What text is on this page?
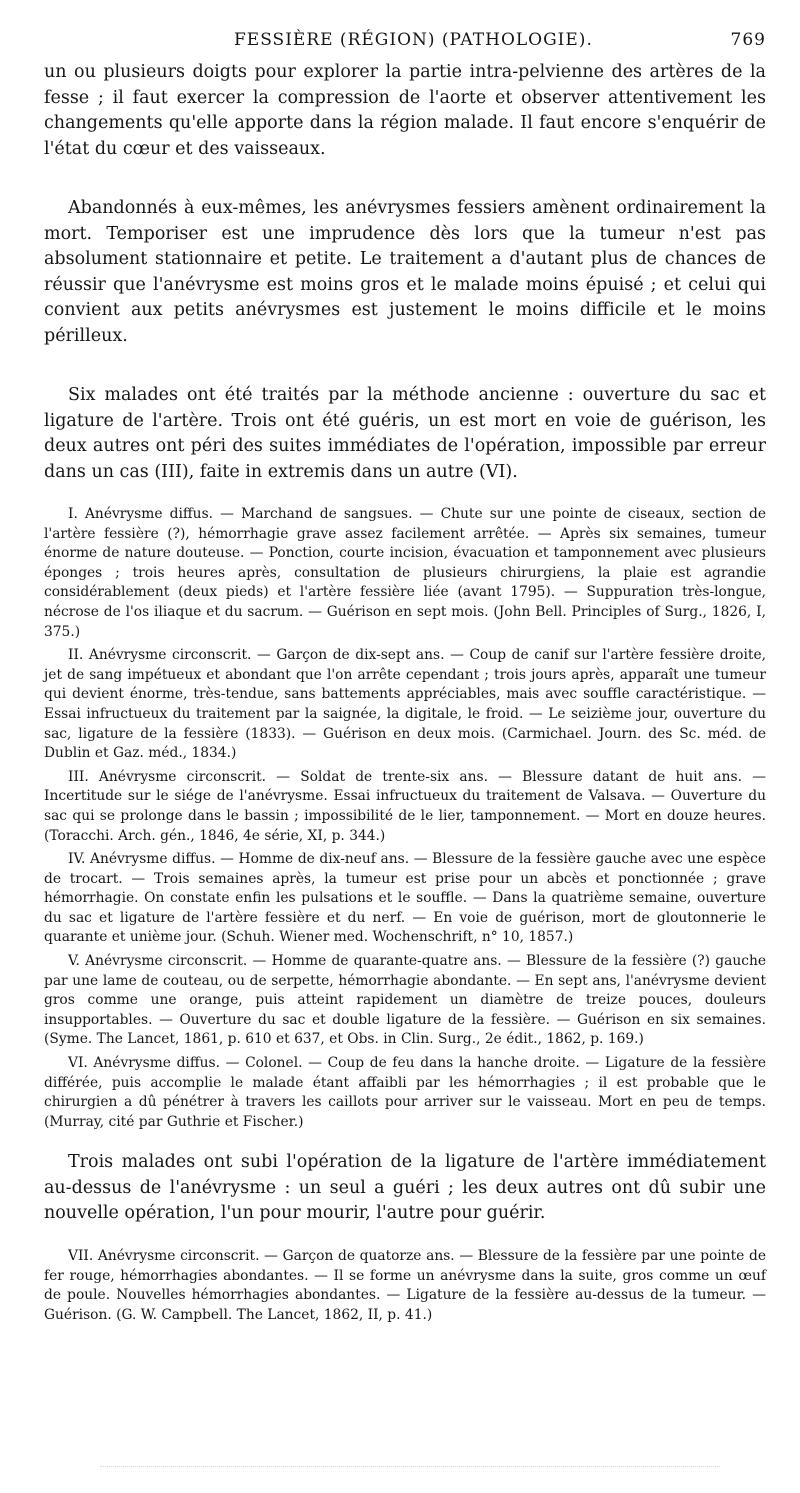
FESSIÈRE (RÉGION) (PATHOLOGIE).	769

un ou plusieurs doigts pour explorer la partie intra-pelvienne des artères de la fesse ; il faut exercer la compression de l'aorte et observer attentivement les changements qu'elle apporte dans la région malade. Il faut encore s'enquérir de l'état du cœur et des vaisseaux.

Abandonnés à eux-mêmes, les anévrysmes fessiers amènent ordinairement la mort. Temporiser est une imprudence dès lors que la tumeur n'est pas absolument stationnaire et petite. Le traitement a d'autant plus de chances de réussir que l'anévrysme est moins gros et le malade moins épuisé ; et celui qui convient aux petits anévrysmes est justement le moins difficile et le moins périlleux.

Six malades ont été traités par la méthode ancienne : ouverture du sac et ligature de l'artère. Trois ont été guéris, un est mort en voie de guérison, les deux autres ont péri des suites immédiates de l'opération, impossible par erreur dans un cas (III), faite in extremis dans un autre (VI).

I. Anévrysme diffus. — Marchand de sangsues. — Chute sur une pointe de ciseaux, section de l'artère fessière (?), hémorrhagie grave assez facilement arrêtée. — Après six semaines, tumeur énorme de nature douteuse. — Ponction, courte incision, évacuation et tamponnement avec plusieurs éponges ; trois heures après, consultation de plusieurs chirurgiens, la plaie est agrandie considérablement (deux pieds) et l'artère fessière liée (avant 1795). — Suppuration très-longue, nécrose de l'os iliaque et du sacrum. — Guérison en sept mois. (John Bell. Principles of Surg., 1826, I, 375.)

II. Anévrysme circonscrit. — Garçon de dix-sept ans. — Coup de canif sur l'artère fessière droite, jet de sang impétueux et abondant que l'on arrête cependant ; trois jours après, apparaît une tumeur qui devient énorme, très-tendue, sans battements appréciables, mais avec souffle caractéristique. — Essai infructueux du traitement par la saignée, la digitale, le froid. — Le seizième jour, ouverture du sac, ligature de la fessière (1833). — Guérison en deux mois. (Carmichael. Journ. des Sc. méd. de Dublin et Gaz. méd., 1834.)

III. Anévrysme circonscrit. — Soldat de trente-six ans. — Blessure datant de huit ans. — Incertitude sur le siége de l'anévrysme. Essai infructueux du traitement de Valsava. — Ouverture du sac qui se prolonge dans le bassin ; impossibilité de le lier, tamponnement. — Mort en douze heures. (Toracchi. Arch. gén., 1846, 4e série, XI, p. 344.)

IV. Anévrysme diffus. — Homme de dix-neuf ans. — Blessure de la fessière gauche avec une espèce de trocart. — Trois semaines après, la tumeur est prise pour un abcès et ponctionnée ; grave hémorrhagie. On constate enfin les pulsations et le souffle. — Dans la quatrième semaine, ouverture du sac et ligature de l'artère fessière et du nerf. — En voie de guérison, mort de gloutonnerie le quarante et unième jour. (Schuh. Wiener med. Wochenschrift, n° 10, 1857.)

V. Anévrysme circonscrit. — Homme de quarante-quatre ans. — Blessure de la fessière (?) gauche par une lame de couteau, ou de serpette, hémorrhagie abondante. — En sept ans, l'anévrysme devient gros comme une orange, puis atteint rapidement un diamètre de treize pouces, douleurs insupportables. — Ouverture du sac et double ligature de la fessière. — Guérison en six semaines. (Syme. The Lancet, 1861, p. 610 et 637, et Obs. in Clin. Surg., 2e édit., 1862, p. 169.)

VI. Anévrysme diffus. — Colonel. — Coup de feu dans la hanche droite. — Ligature de la fessière différée, puis accomplie le malade étant affaibli par les hémorrhagies ; il est probable que le chirurgien a dû pénétrer à travers les caillots pour arriver sur le vaisseau. Mort en peu de temps. (Murray, cité par Guthrie et Fischer.)

Trois malades ont subi l'opération de la ligature de l'artère immédiatement au-dessus de l'anévrysme : un seul a guéri ; les deux autres ont dû subir une nouvelle opération, l'un pour mourir, l'autre pour guérir.

VII. Anévrysme circonscrit. — Garçon de quatorze ans. — Blessure de la fessière par une pointe de fer rouge, hémorrhagies abondantes. — Il se forme un anévrysme dans la suite, gros comme un œuf de poule. Nouvelles hémorrhagies abondantes. — Ligature de la fessière au-dessus de la tumeur. — Guérison. (G. W. Campbell. The Lancet, 1862, II, p. 41.)
